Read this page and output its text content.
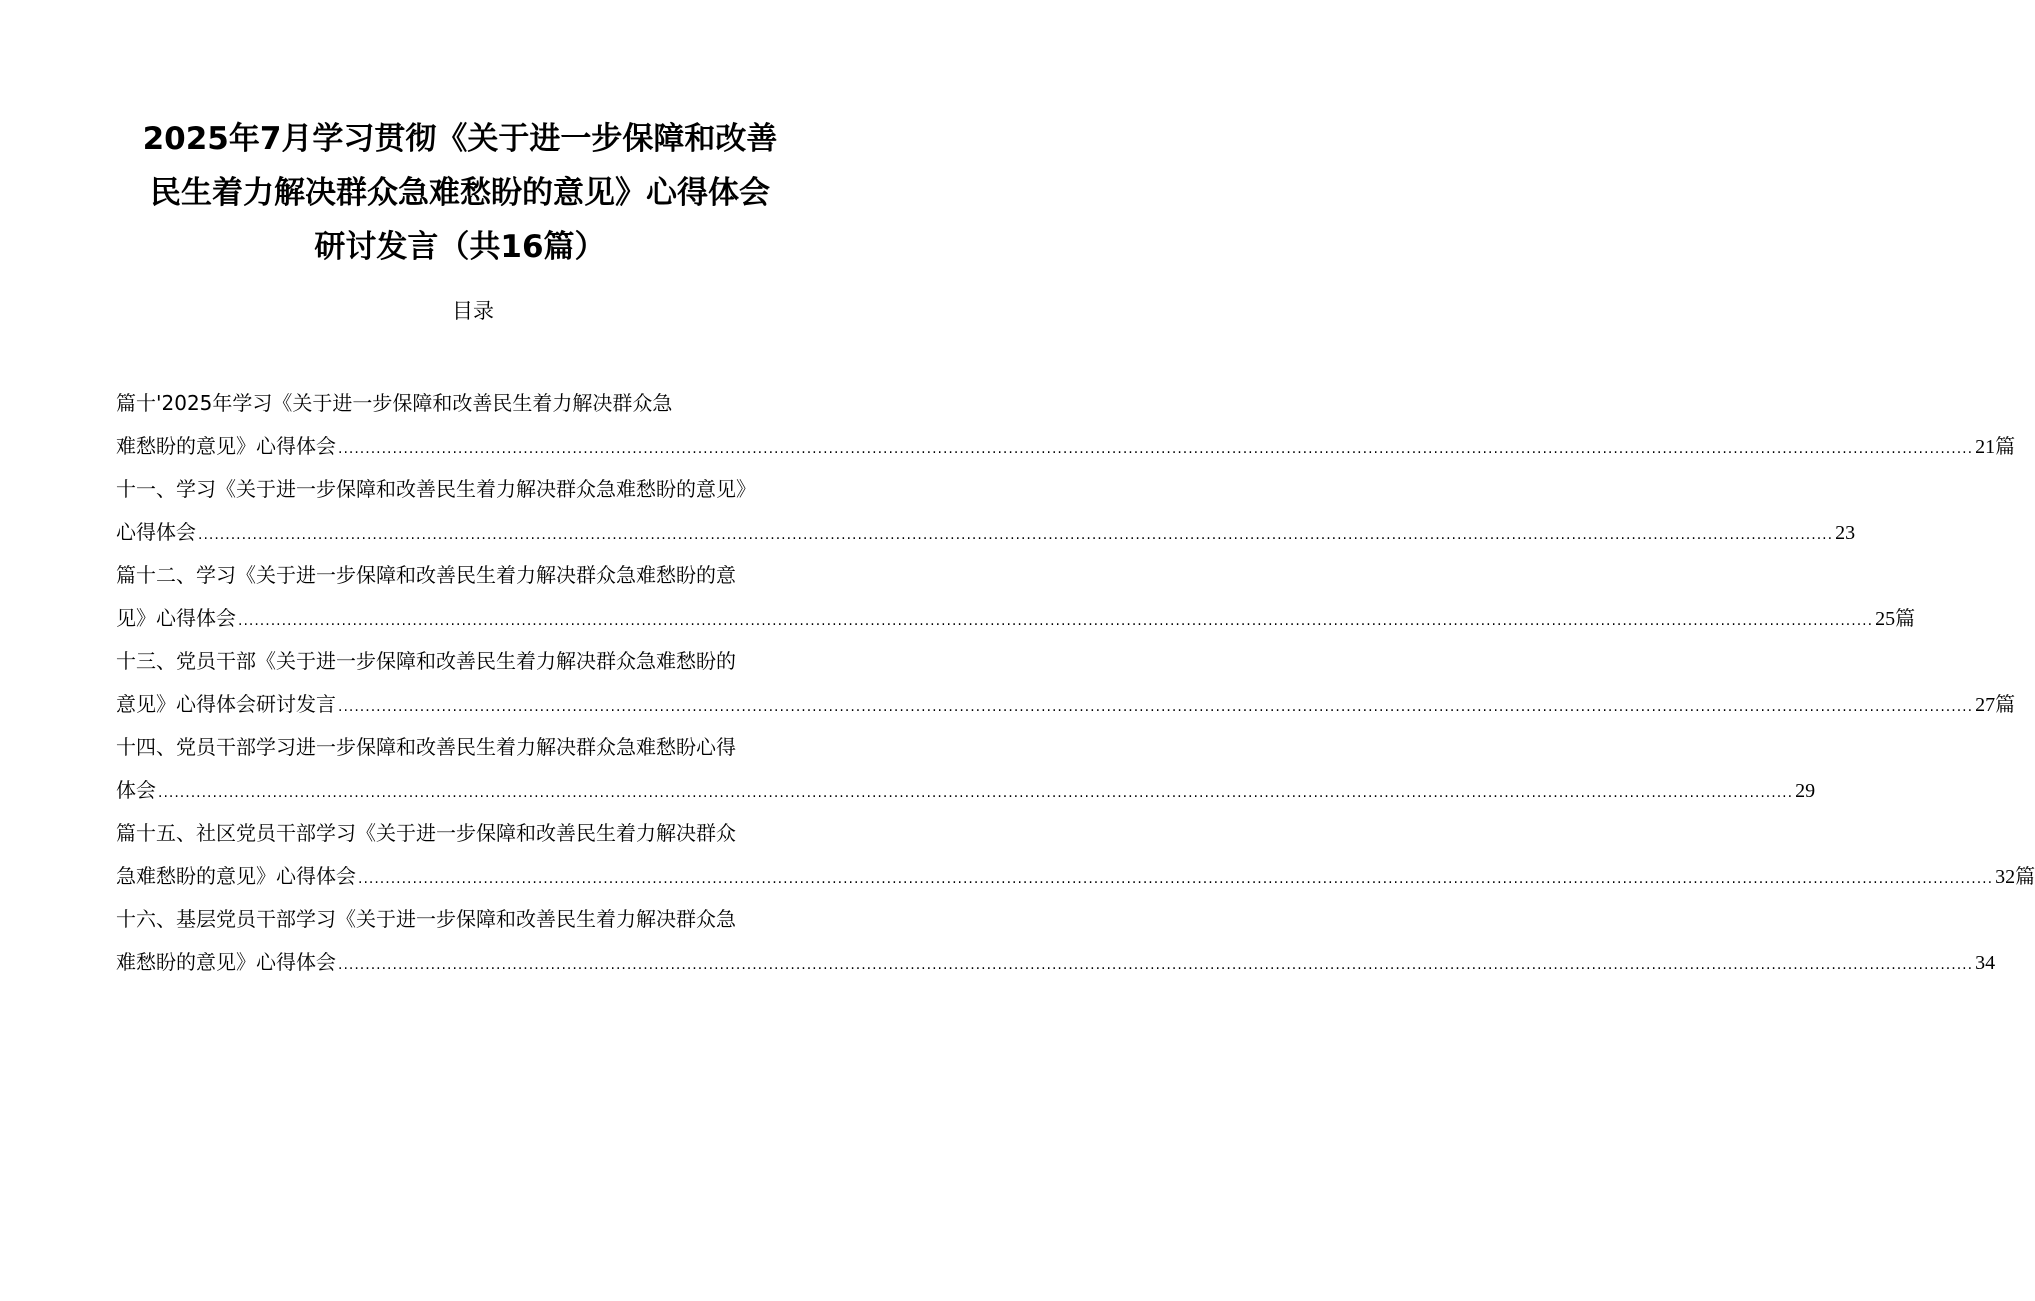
2025年7月学习贯彻《关于进一步保障和改善
民生着力解决群众急难愁盼的意见》心得体会
研讨发言（共16篇）
目录
篇十'2025年学习《关于进一步保障和改善民生着力解决群众急
难愁盼的意见》心得体会 ............................................................................................................................................................................................................................................................................................................ 21篇
十一、学习《关于进一步保障和改善民生着力解决群众急难愁盼的意见》
心得体会 ............................................................................................................................................................................................................................................................................................................ 23
篇十二、学习《关于进一步保障和改善民生着力解决群众急难愁盼的意
见》心得体会 ............................................................................................................................................................................................................................................................................................................ 25篇
十三、党员干部《关于进一步保障和改善民生着力解决群众急难愁盼的
意见》心得体会研讨发言 ............................................................................................................................................................................................................................................................................................................ 27篇
十四、党员干部学习进一步保障和改善民生着力解决群众急难愁盼心得
体会 ............................................................................................................................................................................................................................................................................................................ 29
篇十五、社区党员干部学习《关于进一步保障和改善民生着力解决群众
急难愁盼的意见》心得体会 ............................................................................................................................................................................................................................................................................................................ 32篇
十六、基层党员干部学习《关于进一步保障和改善民生着力解决群众急
难愁盼的意见》心得体会 ............................................................................................................................................................................................................................................................................................................ 34
